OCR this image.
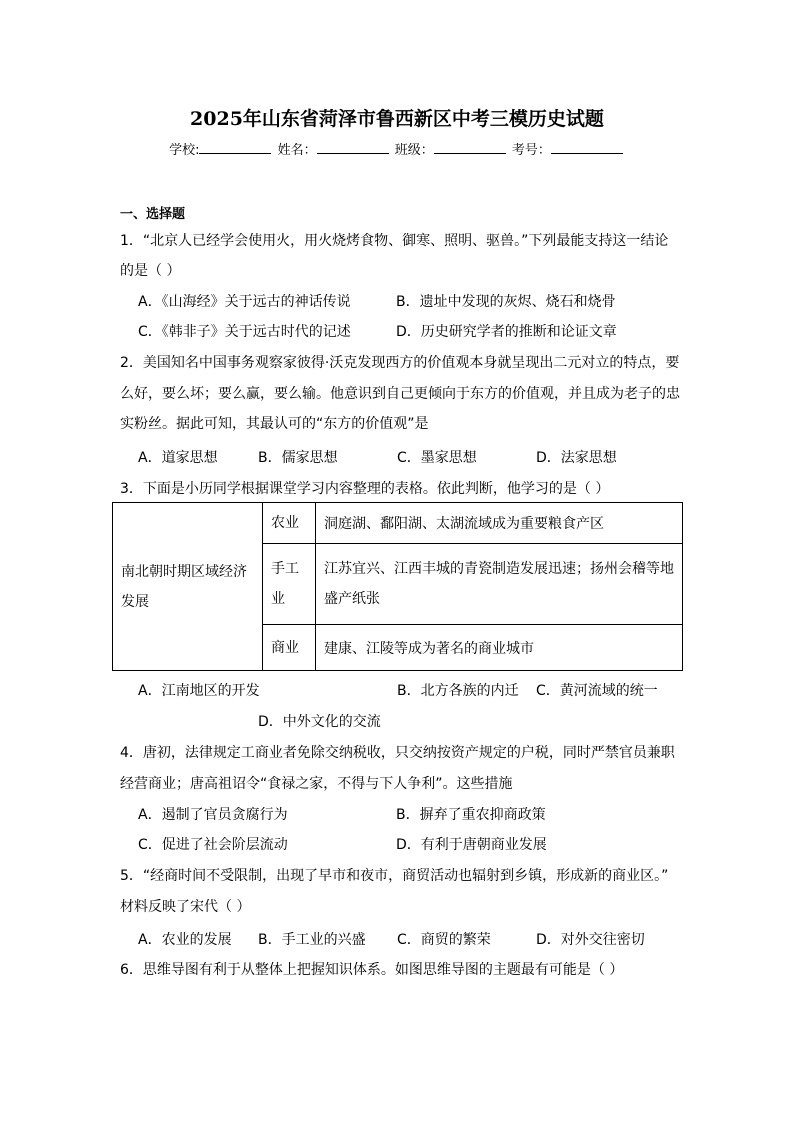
2025年山东省菏泽市鲁西新区中考三模历史试题
学校:	姓名：	班级：	考号：
一、选择题
1．“北京人已经学会使用火，用火烧烤食物、御寒、照明、驱兽。”下列最能支持这一结论
的是（ ）
A．《山海经》关于远古的神话传说	B．遗址中发现的灰烬、烧石和烧骨
C．《韩非子》关于远古时代的记述	D．历史研究学者的推断和论证文章
2．美国知名中国事务观察家彼得·沃克发现西方的价值观本身就呈现出二元对立的特点，要
么好，要么坏；要么赢，要么输。他意识到自己更倾向于东方的价值观，并且成为老子的忠
实粉丝。据此可知，其最认可的“东方的价值观”是
A．道家思想	B．儒家思想	C．墨家思想	D．法家思想
3．下面是小历同学根据课堂学习内容整理的表格。依此判断，他学习的是（ ）
南北朝时期区域经济发展	农业	洞庭湖、鄱阳湖、太湖流域成为重要粮食产区
	手工业	江苏宜兴、江西丰城的青瓷制造发展迅速；扬州会稽等地盛产纸张
	商业	建康、江陵等成为著名的商业城市
A．江南地区的开发	B．北方各族的内迁 C．黄河流域的统一
D．中外文化的交流
4．唐初，法律规定工商业者免除交纳税收，只交纳按资产规定的户税，同时严禁官员兼职
经营商业；唐高祖诏令“食禄之家，不得与下人争利”。这些措施
A．遏制了官员贪腐行为	B．摒弃了重农抑商政策
C．促进了社会阶层流动	D．有利于唐朝商业发展
5．“经商时间不受限制，出现了早市和夜市，商贸活动也辐射到乡镇，形成新的商业区。”
材料反映了宋代（ ）
A．农业的发展 B．手工业的兴盛 C．商贸的繁荣	D．对外交往密切
6．思维导图有利于从整体上把握知识体系。如图思维导图的主题最有可能是（ ）
